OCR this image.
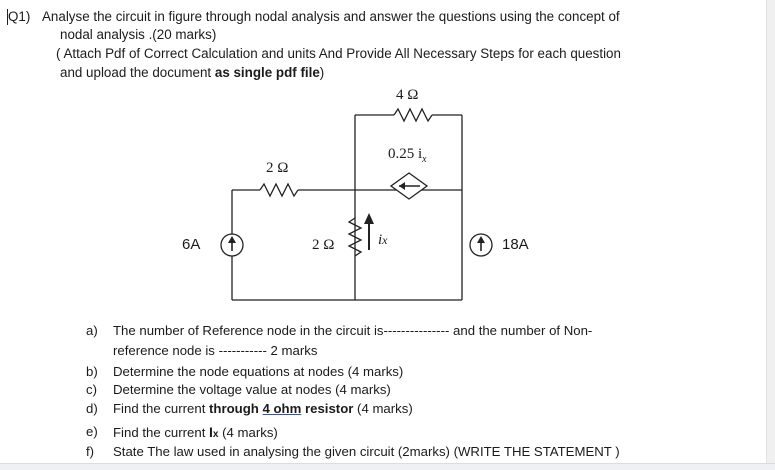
Q1) Analyse the circuit in figure through nodal analysis and answer the questions using the concept of
nodal analysis .(20 marks)
( Attach Pdf of Correct Calculation and units And Provide All Necessary Steps for each question
and upload the document as single pdf file)
4 Ω
0.25 $i_x$
2 Ω
2 Ω	ix
6A	18A
a)	The number of Reference node in the circuit is--------------- and the number of Non-
reference node is ----------- 2 marks
b)	Determine the node equations at nodes (4 marks)
c)	Determine the voltage value at nodes (4 marks)
d)	Find the current through 4 ohm resistor (4 marks)
e)	Find the current Ix (4 marks)
f)	State The law used in analysing the given circuit (2marks) (WRITE THE STATEMENT )
